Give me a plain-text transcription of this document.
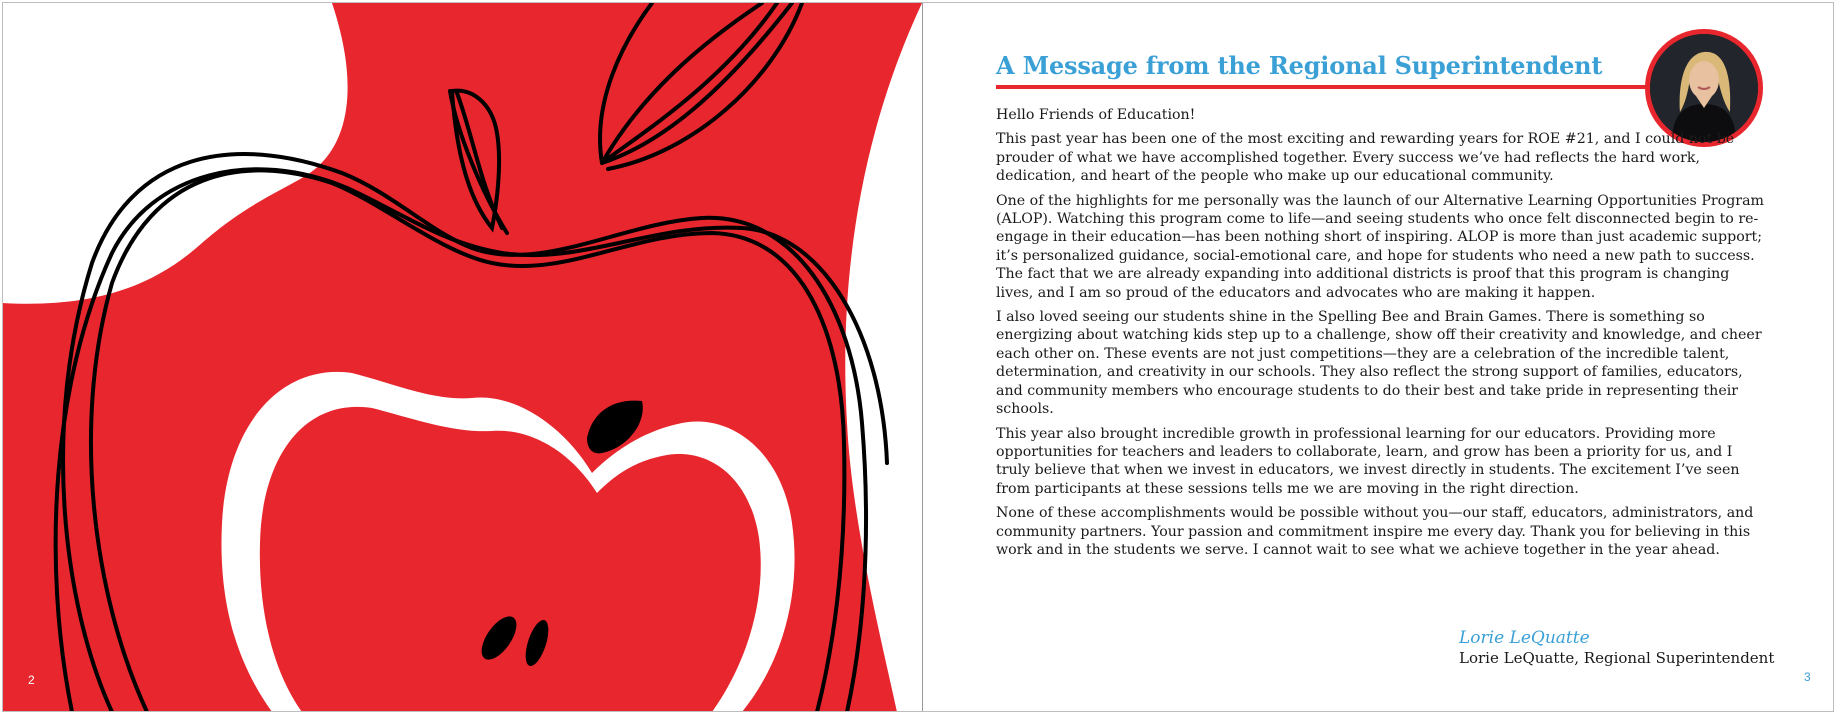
2
A Message from the Regional Superintendent

Hello Friends of Education!

This past year has been one of the most exciting and rewarding years for ROE #21, and I could not be prouder of what we have accomplished together. Every success we’ve had reflects the hard work, dedication, and heart of the people who make up our educational community.

One of the highlights for me personally was the launch of our Alternative Learning Opportunities Program (ALOP). Watching this program come to life—and seeing students who once felt disconnected begin to re-engage in their education—has been nothing short of inspiring. ALOP is more than just academic support; it’s personalized guidance, social-emotional care, and hope for students who need a new path to success. The fact that we are already expanding into additional districts is proof that this program is changing lives, and I am so proud of the educators and advocates who are making it happen.

I also loved seeing our students shine in the Spelling Bee and Brain Games. There is something so energizing about watching kids step up to a challenge, show off their creativity and knowledge, and cheer each other on. These events are not just competitions—they are a celebration of the incredible talent, determination, and creativity in our schools. They also reflect the strong support of families, educators, and community members who encourage students to do their best and take pride in representing their schools.

This year also brought incredible growth in professional learning for our educators. Providing more opportunities for teachers and leaders to collaborate, learn, and grow has been a priority for us, and I truly believe that when we invest in educators, we invest directly in students. The excitement I’ve seen from participants at these sessions tells me we are moving in the right direction.

None of these accomplishments would be possible without you—our staff, educators, administrators, and community partners. Your passion and commitment inspire me every day. Thank you for believing in this work and in the students we serve. I cannot wait to see what we achieve together in the year ahead.

Lorie LeQuatte
Lorie LeQuatte, Regional Superintendent
3
